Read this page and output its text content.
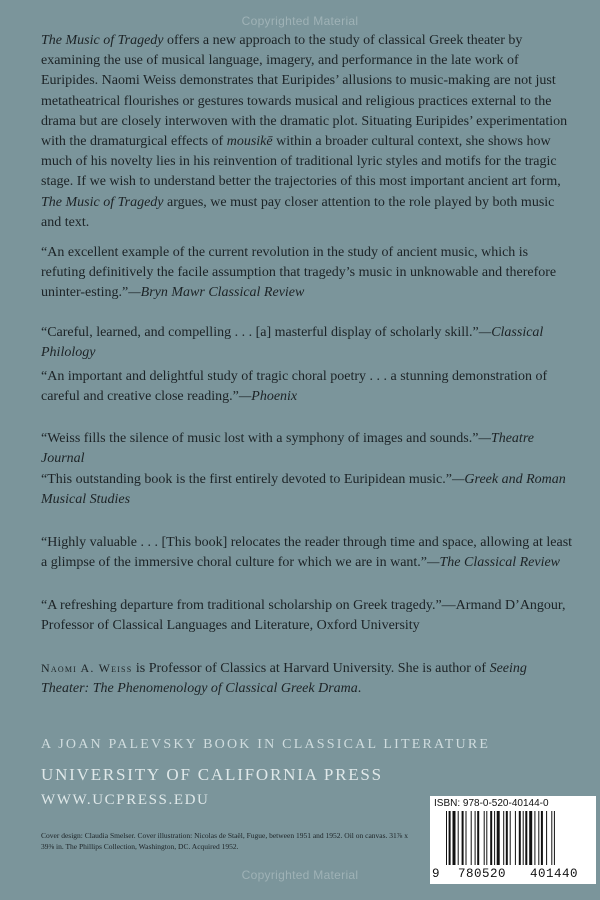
Copyrighted Material

The Music of Tragedy offers a new approach to the study of classical Greek theater by examining the use of musical language, imagery, and performance in the late work of Euripides. Naomi Weiss demonstrates that Euripides’ allusions to music-making are not just metatheatrical flourishes or gestures towards musical and religious practices external to the drama but are closely interwoven with the dramatic plot. Situating Euripides’ experimentation with the dramaturgical effects of mousikē within a broader cultural context, she shows how much of his novelty lies in his reinvention of traditional lyric styles and motifs for the tragic stage. If we wish to understand better the trajectories of this most important ancient art form, The Music of Tragedy argues, we must pay closer attention to the role played by both music and text.

“An excellent example of the current revolution in the study of ancient music, which is refuting definitively the facile assumption that tragedy’s music in unknowable and therefore uninter-esting.”—Bryn Mawr Classical Review

“Careful, learned, and compelling . . . [a] masterful display of scholarly skill.”—Classical Philology

“An important and delightful study of tragic choral poetry . . . a stunning demonstration of careful and creative close reading.”—Phoenix

“Weiss fills the silence of music lost with a symphony of images and sounds.”—Theatre Journal

“This outstanding book is the first entirely devoted to Euripidean music.”—Greek and Roman Musical Studies

“Highly valuable . . . [This book] relocates the reader through time and space, allowing at least a glimpse of the immersive choral culture for which we are in want.”—The Classical Review

“A refreshing departure from traditional scholarship on Greek tragedy.”—Armand D’Angour, Professor of Classical Languages and Literature, Oxford University

Naomi A. Weiss is Professor of Classics at Harvard University. She is author of Seeing Theater: The Phenomenology of Classical Greek Drama.

A JOAN PALEVSKY BOOK IN CLASSICAL LITERATURE
UNIVERSITY OF CALIFORNIA PRESS
WWW.UCPRESS.EDU
Cover design: Claudia Smelser. Cover illustration: Nicolas de Staël, Fugue, between 1951 and 1952. Oil on canvas. 31⅞ x 39⅜ in. The Phillips Collection, Washington, DC. Acquired 1952.
ISBN: 978-0-520-40144-0
9	780520	401440
Copyrighted Material
